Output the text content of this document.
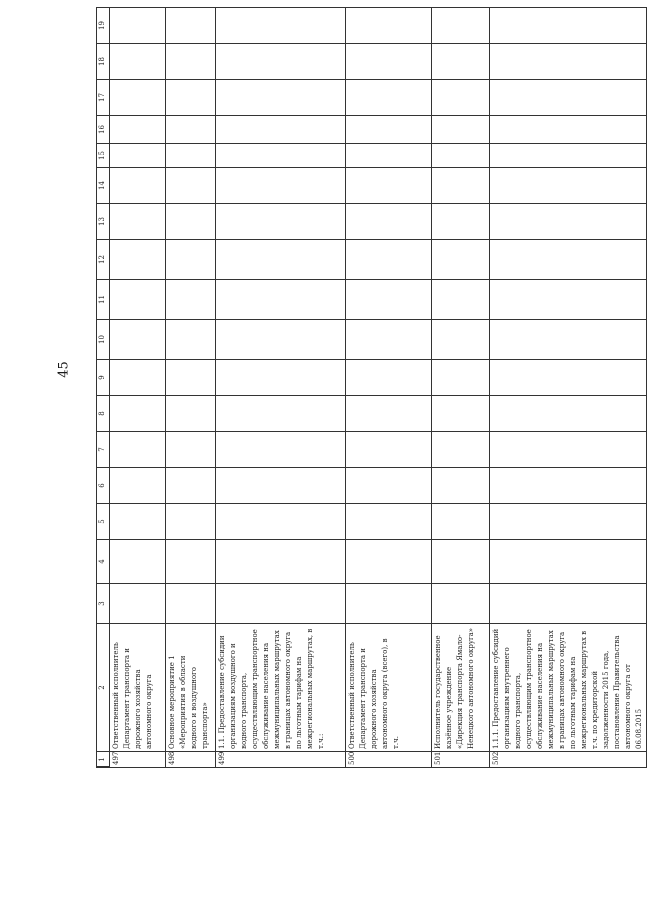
45
1	2	3	4	5	6	7	8	9	10	11	12	13	14	15	16	17	18	19	
497	Ответственный исполнитель Департамент транспорта и дорожного хозяйства автономного округа																		
498	Основное мероприятие 1 «Мероприятия в области водного и воздушного транспорта»																		
499	1.1. Предоставление субсидии организациям воздушного и водного транспорта, осуществляющим транспортное обслуживание населения на межмуниципальных маршрутах в границах автономного округа по льготным тарифам на межрегиональных маршрутах, в т.ч.:																		
500	Ответственный исполнитель Департамент транспорта и дорожного хозяйства автономного округа (всего), в т.ч.																		
501	Исполнитель государственное казённое учреждение «Дирекция транспорта Ямало-Ненецкого автономного округа»																		
502	1.1.1. Предоставление субсидий организациям внутреннего водного транспорта, осуществляющим транспортное обслуживание населения на межмуниципальных маршрутах в границах автономного округа по льготным тарифам на межрегиональных маршрутах в т.ч. по кредиторской задолженности 2015 года, постановление Правительства автономного округа от 06.08.2015																		
